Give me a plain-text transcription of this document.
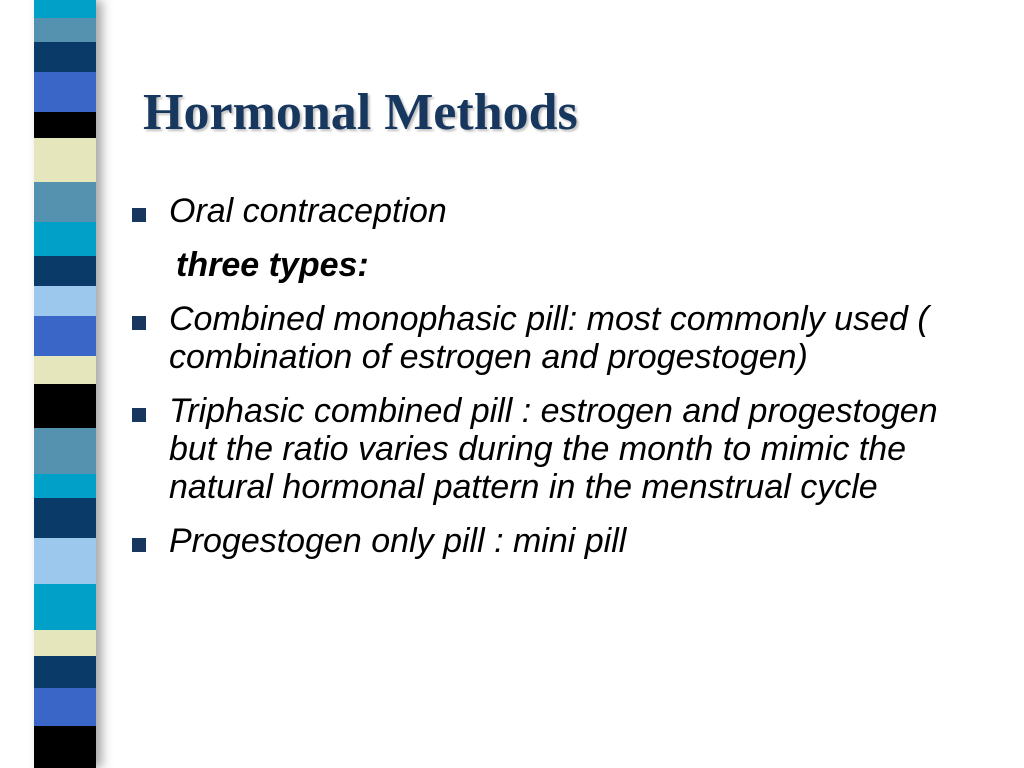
Hormonal Methods
Oral contraception
three types:
Combined monophasic pill: most commonly used ( combination of estrogen and progestogen)
Triphasic combined pill : estrogen and progestogen but the ratio varies during the month to mimic the natural hormonal pattern in the menstrual cycle
Progestogen only pill : mini pill
